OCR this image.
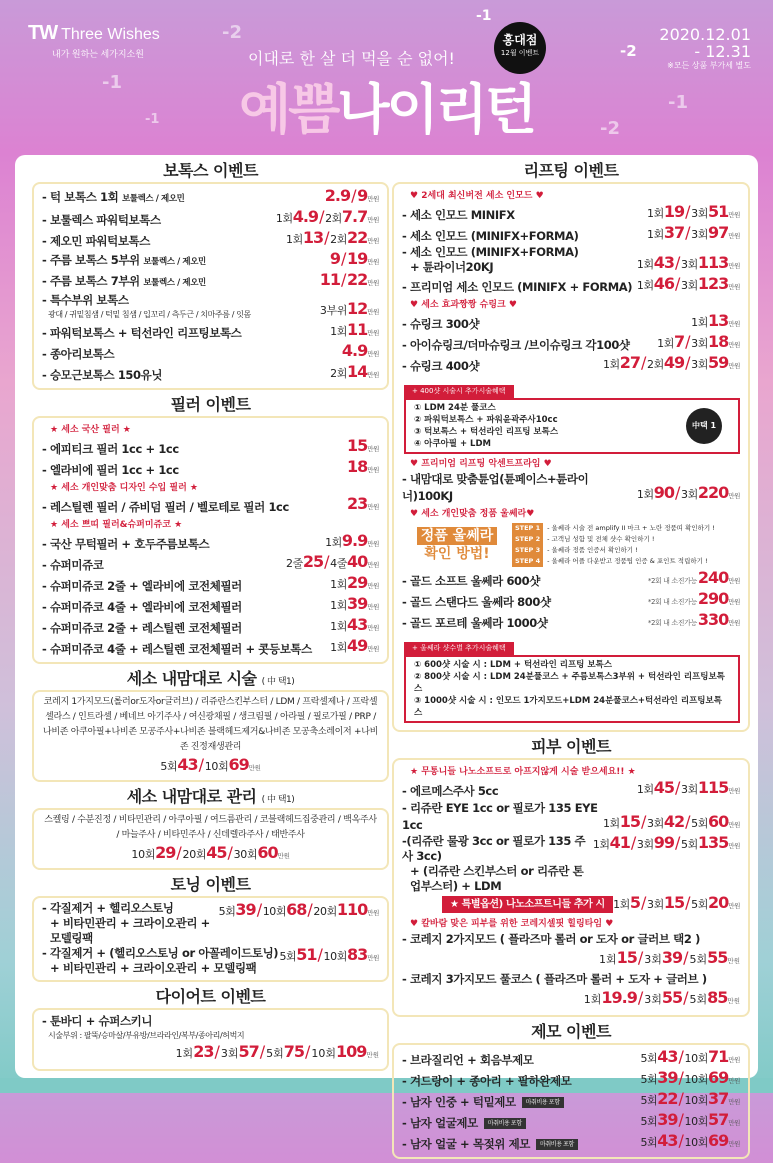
TW Three Wishes
내가 원하는 세가지소원
-2
-1
-1
-1
-2
-1
-2
이대로 한 살 더 먹을 순 없어!
홍대점
12월 이벤트
예쁨나이리턴
2020.12.01
- 12.31
※모든 상품 부가세 별도
보톡스 이벤트
- 턱 보톡스 1회 보툴렉스 / 제오민	2.9/9만원
- 보툴렉스 파워턱보톡스	1회4.9/2회7.7만원
- 제오민 파워턱보톡스	1회13/2회22만원
- 주름 보톡스 5부위 보툴렉스 / 제오민	9/19만원
- 주름 보톡스 7부위 보툴렉스 / 제오민	11/22만원
- 특수부위 보톡스
광대 / 귀밑침샘 / 턱밑 침샘 / 입꼬리 / 측두근 / 치마주름 / 잇몸	3부위12만원
- 파워턱보톡스 + 턱선라인 리프팅보톡스	1회11만원
- 종아리보톡스	4.9만원
- 승모근보톡스 150유닛	2회14만원
필러 이벤트
★ 세소 국산 필러 ★
- 에피티크 필러 1cc + 1cc	15만원
- 엘라비에 필러 1cc + 1cc	18만원
★ 세소 개인맞춤 디자인 수입 필러 ★
- 레스틸렌 필러 / 쥬비덤 필러 / 벨로테로 필러 1cc	23만원
★ 세소 쁘띠 필러&슈퍼미쥬코 ★
- 국산 무턱필러 + 호두주름보톡스	1회9.9만원
- 슈퍼미쥬코	2줄25/4줄40만원
- 슈퍼미쥬코 2줄 + 엘라비에 코전체필러	1회29만원
- 슈퍼미쥬코 4줄 + 엘라비에 코전체필러	1회39만원
- 슈퍼미쥬코 2줄 + 레스틸렌 코전체필러	1회43만원
- 슈퍼미쥬코 4줄 + 레스틸렌 코전체필러 + 콧등보톡스	1회49만원
세소 내맘대로 시술 ( 中 택1)
코레지 1가지모드(롤러or도자or글러브) / 리쥬란스킨부스터 / LDM / 프락셀제나 / 프락셀 셀라스 / 인트라셀 / 베네브 아기주사 / 여신광채필 / 생크림필 / 아라필 / 필로가필 / PRP / 나비존 아쿠아필+나비존 모공주사+나비존 블랙헤드제거&나비존 모공축소레이저 +나비존 진정재생관리
5회43/10회69만원
세소 내맘대로 관리 ( 中 택1)
스켈링 / 수분진정 / 비타민관리 / 아쿠아필 / 여드름관리 / 코블랙헤드집중관리 / 백옥주사 / 마늘주사 / 비타민주사 / 신데렐라주사 / 태반주사
10회29/20회45/30회60만원
토닝 이벤트
- 각질제거 + 헬리오스토닝
+ 비타민관리 + 크라이오관리 + 모델링팩
5회39/10회68/20회110만원
- 각질제거 + (헬리오스토닝 or 아꼴레이드토닝)
+ 비타민관리 + 크라이오관리 + 모델링팩
5회51/10회83만원
다이어트 이벤트
- 툰바디 + 슈퍼스키니
시술부위 : 팔뚝/승마살/부유방/브라라인/복부/종아리/허벅지
1회23/3회57/5회75/10회109만원
리프팅 이벤트
♥ 2세대 최신버전 세소 인모드 ♥
- 세소 인모드 MINIFX	1회19/3회51만원
- 세소 인모드 (MINIFX+FORMA)	1회37/3회97만원
- 세소 인모드 (MINIFX+FORMA)
+ 튠라이너20KJ	1회43/3회113만원
- 프리미엄 세소 인모드 (MINIFX + FORMA) 1회46/3회123만원
♥ 세소 효과짱짱 슈링크 ♥
- 슈링크 300샷	1회13만원
- 아이슈링크/더마슈링크 /브이슈링크 각100샷	1회7/3회18만원
- 슈링크 400샷	1회27/2회49/3회59만원
+ 400샷 시술시 추가시술혜택
① LDM 24분 풀코스
② 파워턱보톡스 + 파워윤곽주사10cc
③ 턱보톡스 + 턱선라인 리프팅 보톡스
④ 아쿠아필 + LDM
中택 1
♥ 프리미엄 리프팅 악센트프라임 ♥
- 내맘대로 맞춤튠업(튠페이스+튠라이너)100KJ	1회90/3회220만원
♥ 세소 개인맞춤 정품 울쎄라♥
정품 울쎄라
확인 방법!
STEP 1 - 울쎄라 시술 전 amplify II 마크 + 노란 정품띠 확인하기 !
STEP 2 - 고객님 성함 및 전체 샷수 확인하기 !
STEP 3 - 울쎄라 정품 인증서 확인하기 !
STEP 4 - 울쎄라 어플 다운받고 정품팁 인증 & 포인트 적립하기 !
- 골드 소프트 울쎄라 600샷	*2회 내 소진가능240만원
- 골드 스탠다드 울쎄라 800샷	*2회 내 소진가능290만원
- 골드 포르테 울쎄라 1000샷	*2회 내 소진가능330만원
+ 울쎄라 샷수별 추가시술혜택
① 600샷 시술 시 : LDM + 턱선라인 리프팅 보톡스
② 800샷 시술 시 : LDM 24분풀코스 + 주름보톡스3부위 + 턱선라인 리프팅보톡스
③ 1000샷 시술 시 : 인모드 1가지모드+LDM 24분풀코스+턱선라인 리프팅보톡스
피부 이벤트
★ 무통니들 나노소프트로 아프지않게 시술 받으세요!! ★
- 에르메스주사 5cc	1회45/3회115만원
- 리쥬란 EYE 1cc or 필로가 135 EYE 1cc	1회15/3회42/5회60만원
-(리쥬란 물광 3cc or 필로가 135 주사 3cc)
+ (리쥬란 스킨부스터 or 리쥬란 톤업부스터) + LDM
1회41/3회99/5회135만원
★ 특별옵션) 나노소프트니들 추가 시 1회5/3회15/5회20만원
♥ 칼바람 맞은 피부를 위한 코레지셀핏 힐링타임 ♥
- 코레지 2가지모드 ( 플라즈마 롤러 or 도자 or 글러브 택2 )
1회15/3회39/5회55만원
- 코레지 3가지모드 풀코스 ( 플라즈마 롤러 + 도자 + 글러브 )
1회19.9/3회55/5회85만원
제모 이벤트
- 브라질리언 + 회음부제모	5회43/10회71만원
- 겨드랑이 + 종아리 + 팔하완제모	5회39/10회69만원
- 남자 인중 + 턱밑제모 마취비용 포함	5회22/10회37만원
- 남자 얼굴제모 마취비용 포함	5회39/10회57만원
- 남자 얼굴 + 목젖위 제모 마취비용 포함	5회43/10회69만원
